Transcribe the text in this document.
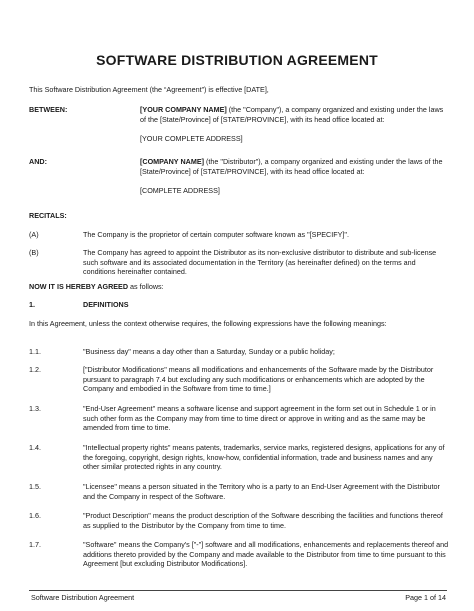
SOFTWARE DISTRIBUTION AGREEMENT
This Software Distribution Agreement (the “Agreement”) is effective [DATE],
BETWEEN:	[YOUR COMPANY NAME] (the "Company"), a company organized and existing under the laws of the [State/Province] of [STATE/PROVINCE], with its head office located at:

[YOUR COMPLETE ADDRESS]

AND:	[COMPANY NAME] (the "Distributor"), a company organized and existing under the laws of the [State/Province] of [STATE/PROVINCE], with its head office located at:

[COMPLETE ADDRESS]

RECITALS:
(A)	The Company is the proprietor of certain computer software known as "[SPECIFY]".
(B)	The Company has agreed to appoint the Distributor as its non-exclusive distributor to distribute and sub-license such software and its associated documentation in the Territory (as hereinafter defined) on the terms and conditions hereinafter contained.
NOW IT IS HEREBY AGREED as follows:
1.	DEFINITIONS
In this Agreement, unless the context otherwise requires, the following expressions have the following meanings:
1.1.	"Business day" means a day other than a Saturday, Sunday or a public holiday;
1.2.	["Distributor Modifications" means all modifications and enhancements of the Software made by the Distributor pursuant to paragraph 7.4 but excluding any such modifications or enhancements which are adopted by the Company and embodied in the Software from time to time.]
1.3.	"End-User Agreement" means a software license and support agreement in the form set out in Schedule 1 or in such other form as the Company may from time to time direct or approve in writing and as the same may be amended from time to time.
1.4.	"Intellectual property rights" means patents, trademarks, service marks, registered designs, applications for any of the foregoing, copyright, design rights, know-how, confidential information, trade and business names and any other similar protected rights in any country.
1.5.	"Licensee" means a person situated in the Territory who is a party to an End-User Agreement with the Distributor and the Company in respect of the Software.
1.6.	"Product Description" means the product description of the Software describing the facilities and functions thereof as supplied to the Distributor by the Company from time to time.
1.7.	"Software" means the Company's ["-"] software and all modifications, enhancements and replacements thereof and additions thereto provided by the Company and made available to the Distributor from time to time pursuant to this Agreement [but excluding Distributor Modifications].
Software Distribution Agreement	Page 1 of 14
